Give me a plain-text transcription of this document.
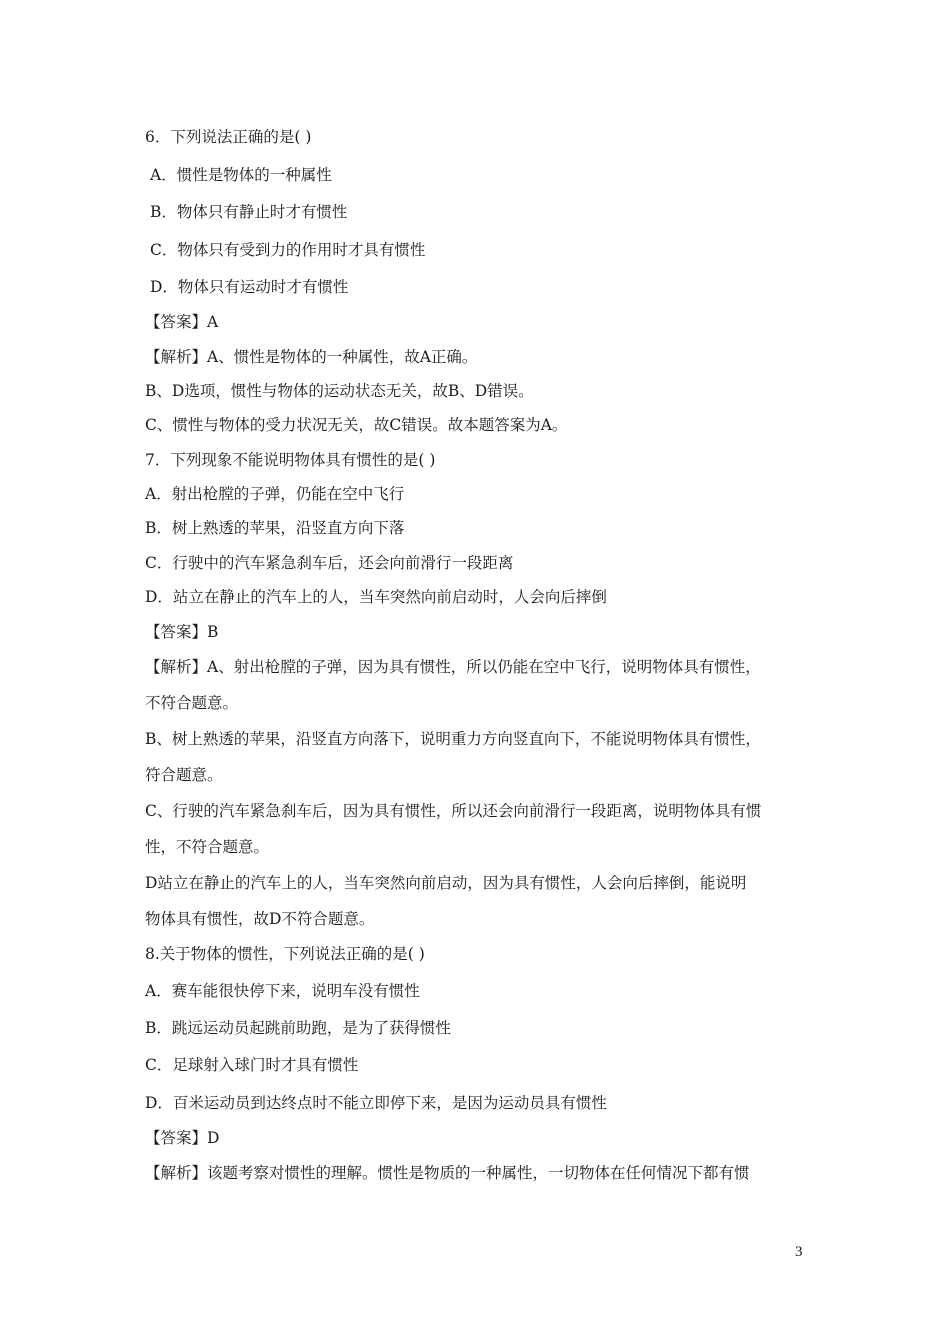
6．下列说法正确的是( )
A．惯性是物体的一种属性
B．物体只有静止时才有惯性
C．物体只有受到力的作用时才具有惯性
D．物体只有运动时才有惯性
【答案】A
【解析】A、惯性是物体的一种属性，故A正确。
B、D选项，惯性与物体的运动状态无关，故B、D错误。
C、惯性与物体的受力状况无关，故C错误。故本题答案为A。
7．下列现象不能说明物体具有惯性的是( )
A．射出枪膛的子弹，仍能在空中飞行
B．树上熟透的苹果，沿竖直方向下落
C．行驶中的汽车紧急刹车后，还会向前滑行一段距离
D．站立在静止的汽车上的人，当车突然向前启动时，人会向后摔倒
【答案】B
【解析】A、射出枪膛的子弹，因为具有惯性，所以仍能在空中飞行，说明物体具有惯性，
不符合题意。
B、树上熟透的苹果，沿竖直方向落下，说明重力方向竖直向下，不能说明物体具有惯性，
符合题意。
C、行驶的汽车紧急刹车后，因为具有惯性，所以还会向前滑行一段距离，说明物体具有惯
性，不符合题意。
D站立在静止的汽车上的人，当车突然向前启动，因为具有惯性，人会向后摔倒，能说明
物体具有惯性，故D不符合题意。
8.关于物体的惯性，下列说法正确的是( )
A．赛车能很快停下来，说明车没有惯性
B．跳远运动员起跳前助跑，是为了获得惯性
C．足球射入球门时才具有惯性
D．百米运动员到达终点时不能立即停下来，是因为运动员具有惯性
【答案】D
【解析】该题考察对惯性的理解。惯性是物质的一种属性，一切物体在任何情况下都有惯
3
